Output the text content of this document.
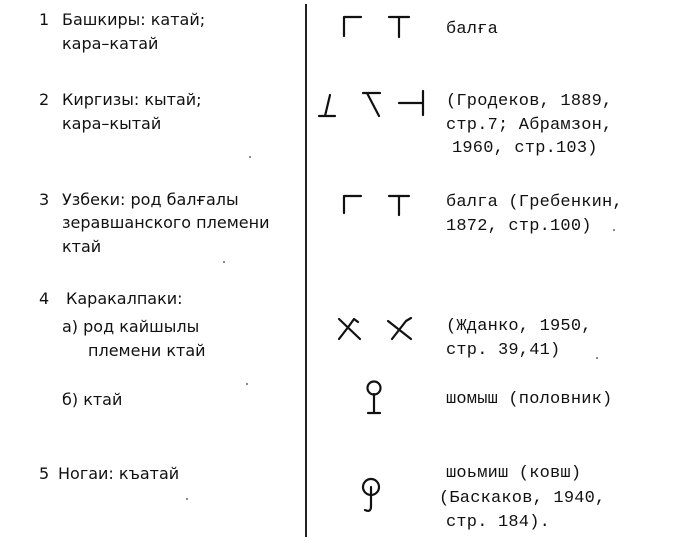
1 Башкиры: катай;
кара–катай
2 Киргизы: кытай;
кара–кытай
3 Узбеки: род балғалы
зеравшанского племени
ктай
4 Каракалпаки:
а) род кайшылы
племени ктай
б) ктай
5 Ногаи: къатай
балға
(Гродеков, 1889,
стр.7; Абрамзон,
1960, стр.103)
балга (Гребенкин,
1872, стр.100)
(Жданко, 1950,
стр. 39,41)
шомыш (половник)
шоьмиш (ковш)
(Баскаков, 1940,
стр. 184).
